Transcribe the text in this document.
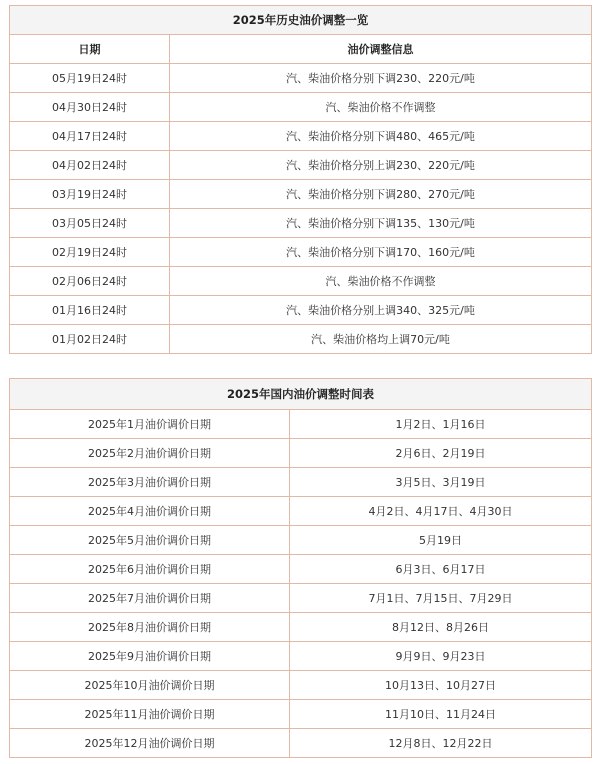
2025年历史油价调整一览	
日期	油价调整信息
05月19日24时	汽、柴油价格分别下调230、220元/吨
04月30日24时	汽、柴油价格不作调整
04月17日24时	汽、柴油价格分别下调480、465元/吨
04月02日24时	汽、柴油价格分别上调230、220元/吨
03月19日24时	汽、柴油价格分别下调280、270元/吨
03月05日24时	汽、柴油价格分别下调135、130元/吨
02月19日24时	汽、柴油价格分别下调170、160元/吨
02月06日24时	汽、柴油价格不作调整
01月16日24时	汽、柴油价格分别上调340、325元/吨
01月02日24时	汽、柴油价格均上调70元/吨
2025年国内油价调整时间表	
2025年1月油价调价日期	1月2日、1月16日
2025年2月油价调价日期	2月6日、2月19日
2025年3月油价调价日期	3月5日、3月19日
2025年4月油价调价日期	4月2日、4月17日、4月30日
2025年5月油价调价日期	5月19日
2025年6月油价调价日期	6月3日、6月17日
2025年7月油价调价日期	7月1日、7月15日、7月29日
2025年8月油价调价日期	8月12日、8月26日
2025年9月油价调价日期	9月9日、9月23日
2025年10月油价调价日期	10月13日、10月27日
2025年11月油价调价日期	11月10日、11月24日
2025年12月油价调价日期	12月8日、12月22日
